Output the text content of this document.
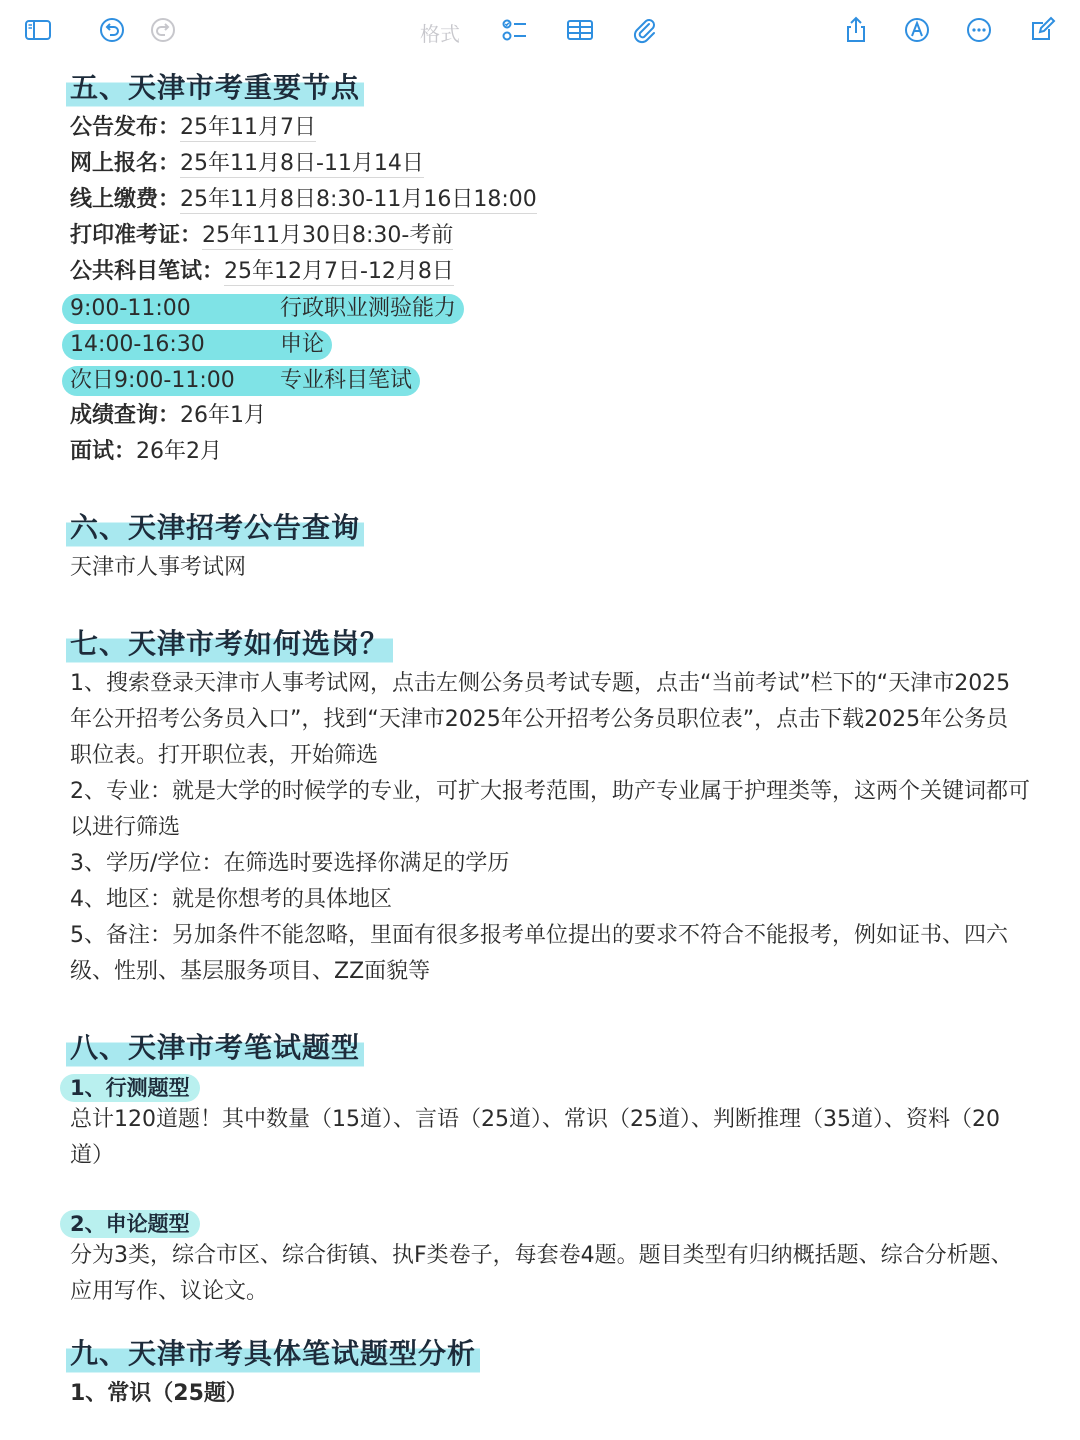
格式
五、天津市考重要节点
公告发布：25年11月7日
网上报名：25年11月8日-11月14日
线上缴费：25年11月8日8:30-11月16日18:00
打印准考证：25年11月30日8:30-考前
公共科目笔试：25年12月7日-12月8日
9:00-11:00	行政职业测验能力
14:00-16:30	申论
次日9:00-11:00 专业科目笔试
成绩查询：26年1月
面试：26年2月
六、天津招考公告查询
天津市人事考试网
七、天津市考如何选岗？
1、搜索登录天津市人事考试网，点击左侧公务员考试专题，点击“当前考试”栏下的“天津市2025年公开招考公务员入口”，找到“天津市2025年公开招考公务员职位表”，点击下载2025年公务员职位表。打开职位表，开始筛选
2、专业：就是大学的时候学的专业，可扩大报考范围，助产专业属于护理类等，这两个关键词都可以进行筛选
3、学历/学位：在筛选时要选择你满足的学历
4、地区：就是你想考的具体地区
5、备注：另加条件不能忽略，里面有很多报考单位提出的要求不符合不能报考，例如证书、四六级、性别、基层服务项目、ZZ面貌等
八、天津市考笔试题型
1、行测题型
总计120道题！其中数量（15道）、言语（25道）、常识（25道）、判断推理（35道）、资料（20道）
2、申论题型
分为3类，综合市区、综合街镇、执F类卷子，每套卷4题。题目类型有归纳概括题、综合分析题、应用写作、议论文。
九、天津市考具体笔试题型分析
1、常识（25题）
